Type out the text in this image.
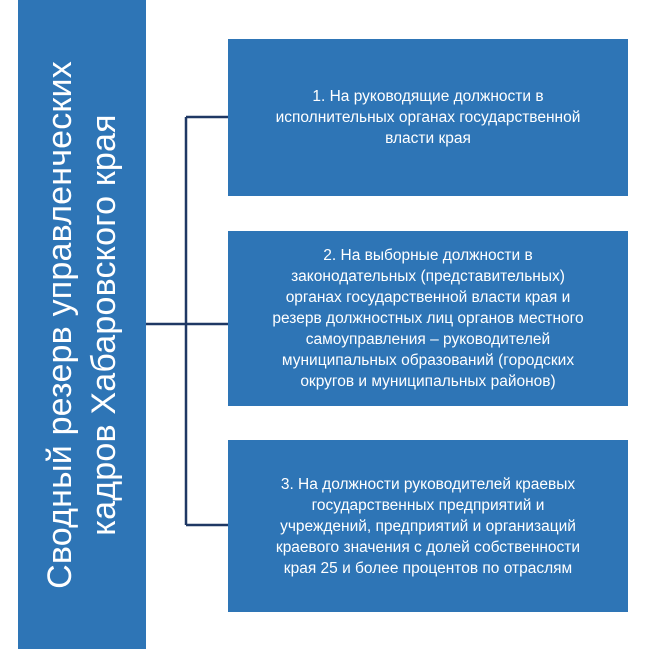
Сводный резерв управленческих
кадров Хабаровского края
1. На руководящие должности в
исполнительных органах государственной
власти края
2. На выборные должности в
законодательных (представительных)
органах государственной власти края и
резерв должностных лиц органов местного
самоуправления – руководителей
муниципальных образований (городских
округов и муниципальных районов)
3. На должности руководителей краевых
государственных предприятий и
учреждений, предприятий и организаций
краевого значения с долей собственности
края 25 и более процентов по отраслям
